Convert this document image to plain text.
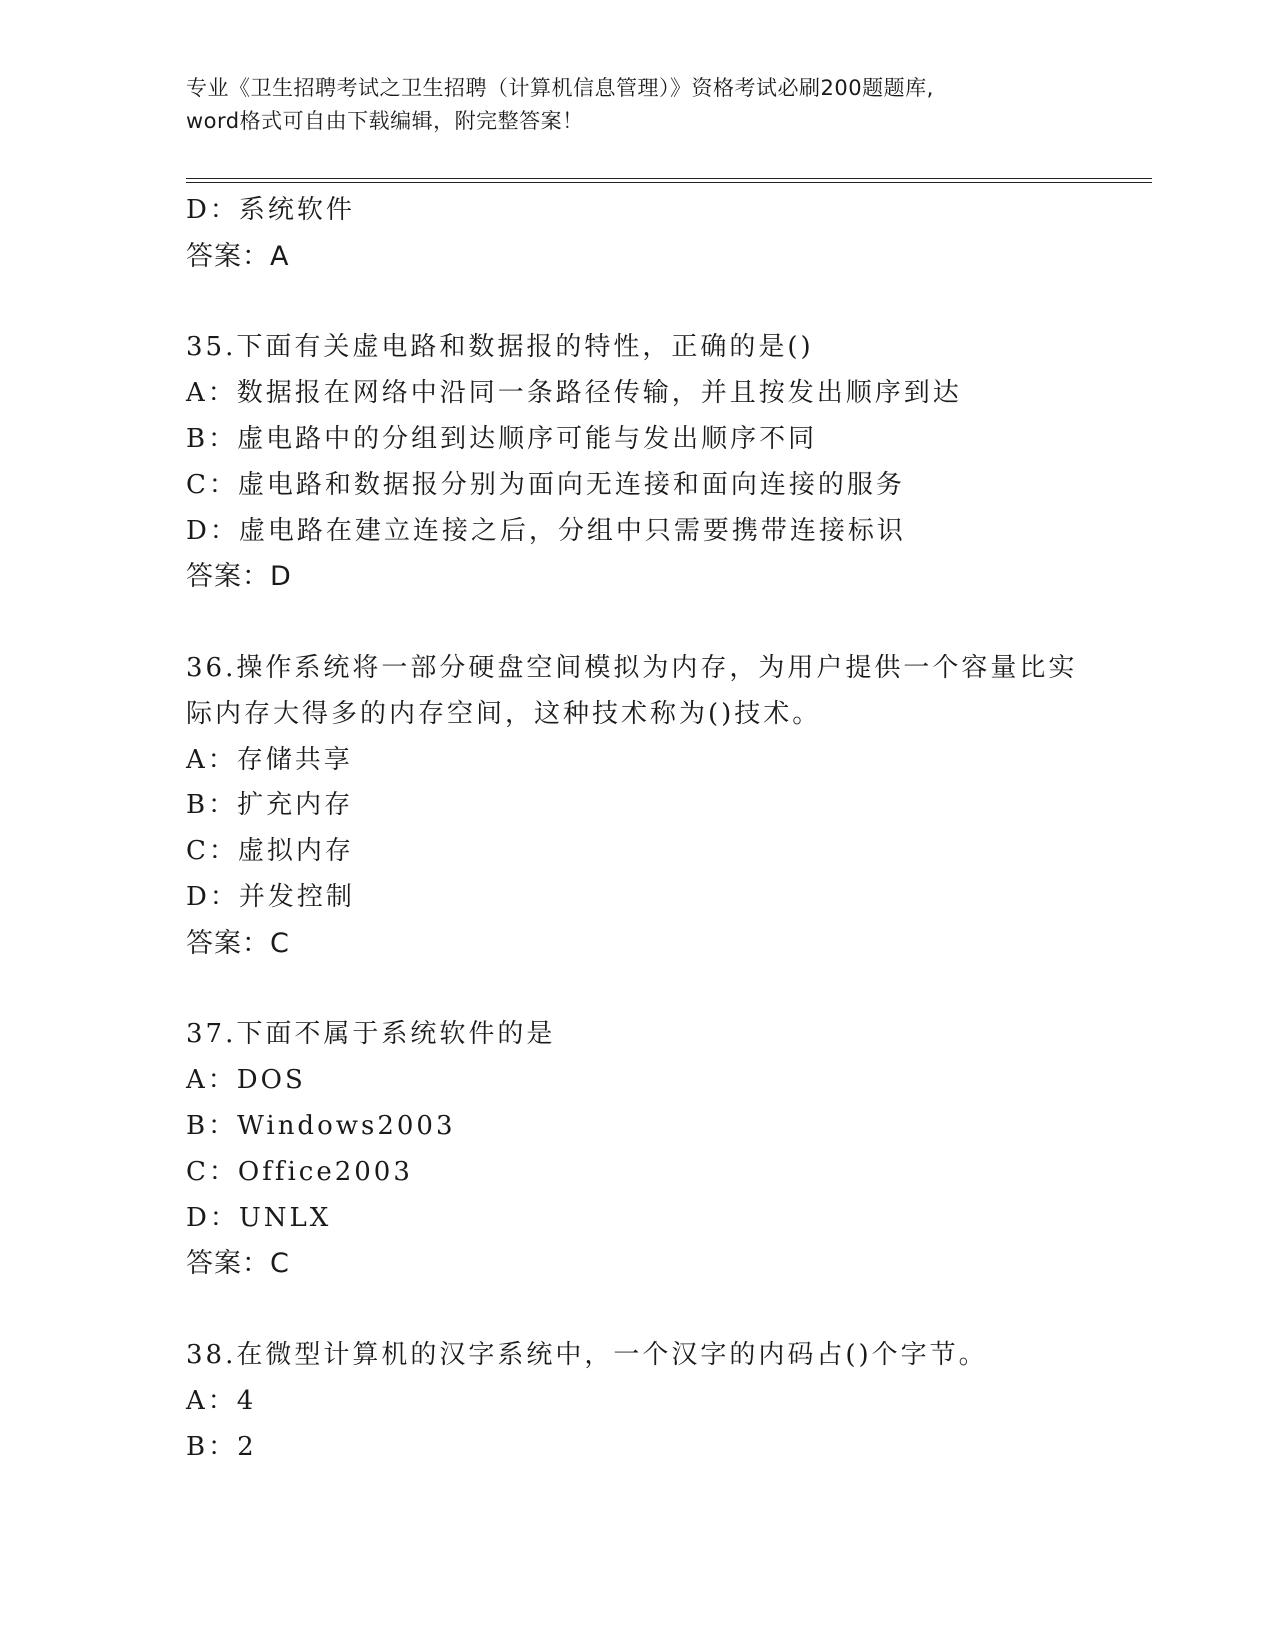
专业《卫生招聘考试之卫生招聘（计算机信息管理）》资格考试必刷200题题库,
word格式可自由下载编辑，附完整答案！
D：系统软件
答案：A
35.下面有关虚电路和数据报的特性，正确的是()
A：数据报在网络中沿同一条路径传输，并且按发出顺序到达
B：虚电路中的分组到达顺序可能与发出顺序不同
C：虚电路和数据报分别为面向无连接和面向连接的服务
D：虚电路在建立连接之后，分组中只需要携带连接标识
答案：D
36.操作系统将一部分硬盘空间模拟为内存，为用户提供一个容量比实
际内存大得多的内存空间，这种技术称为()技术。
A：存储共享
B：扩充内存
C：虚拟内存
D：并发控制
答案：C
37.下面不属于系统软件的是
A：DOS
B：Windows2003
C：Office2003
D：UNLX
答案：C
38.在微型计算机的汉字系统中，一个汉字的内码占()个字节。
A：4
B：2
